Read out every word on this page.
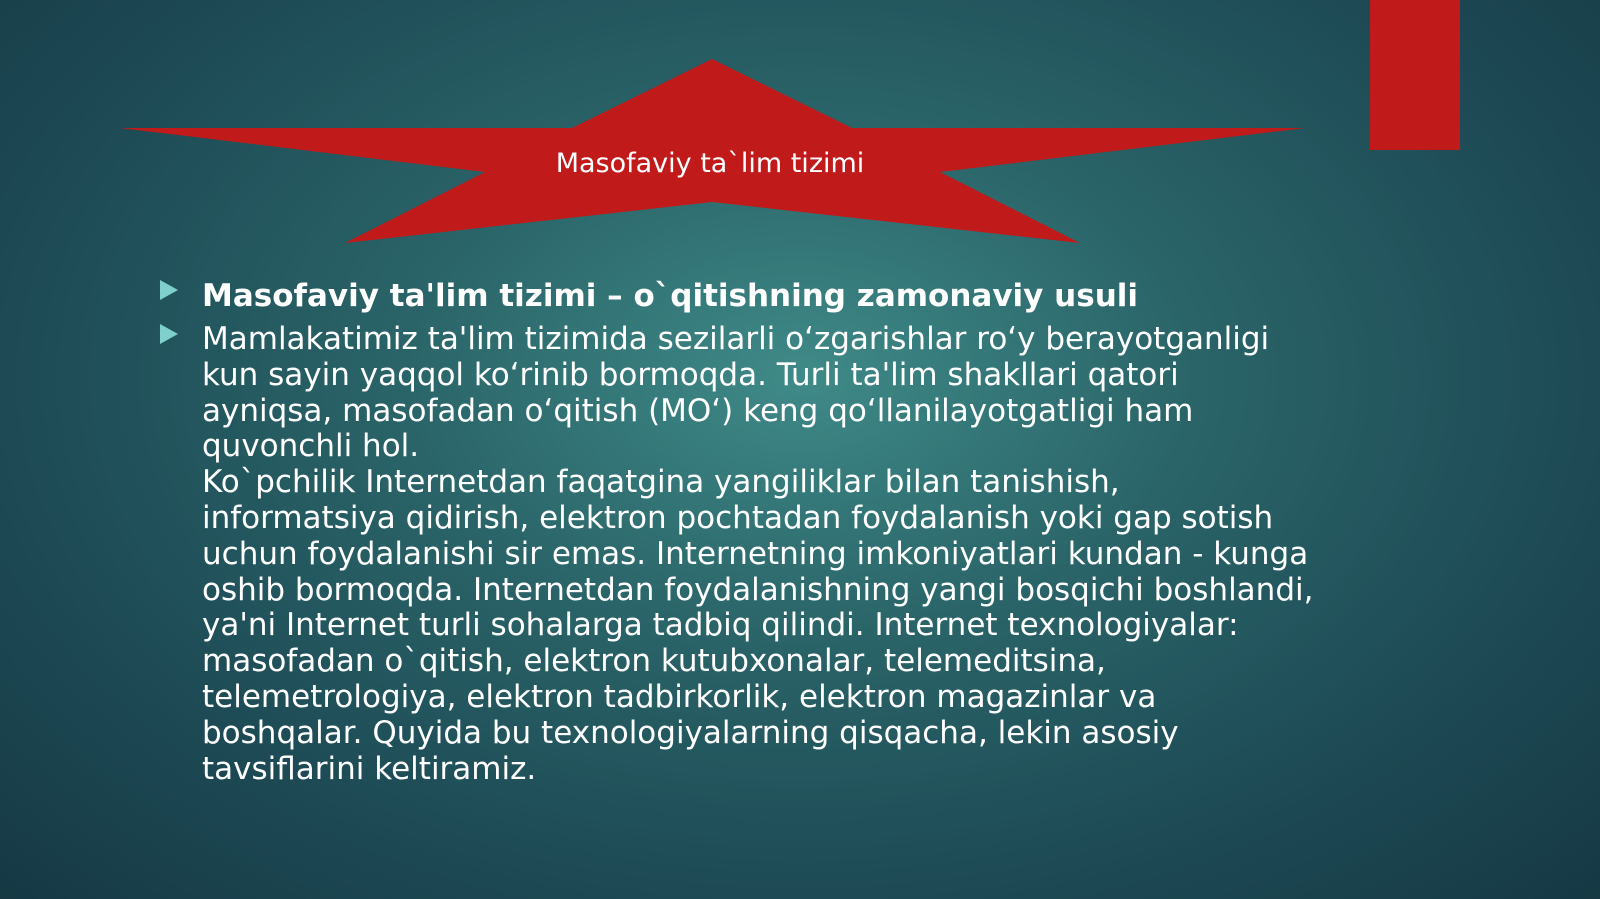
Masofaviy ta`lim tizimi
Masofaviy ta'lim tizimi – o`qitishning zamonaviy usuli
Mamlakatimiz ta'lim tizimida sezilarli o‘zgarishlar ro‘y berayotganligi kun sayin yaqqol ko‘rinib bormoqda. Turli ta'lim shakllari qatori ayniqsa, masofadan o‘qitish (MO‘) keng qo‘llanilayotgatligi ham quvonchli hol.
Ko`pchilik Internetdan faqatgina yangiliklar bilan tanishish, informatsiya qidirish, elektron pochtadan foydalanish yoki gap sotish uchun foydalanishi sir emas. Internetning imkoniyatlari kundan - kunga oshib bormoqda. Internetdan foydalanishning yangi bosqichi boshlandi, ya'ni Internet turli sohalarga tadbiq qilindi. Internet texnologiyalar: masofadan o`qitish, elektron kutubxonalar, telemeditsina, telemetrologiya, elektron tadbirkorlik, elektron magazinlar va boshqalar. Quyida bu texnologiyalarning qisqacha, lekin asosiy tavsiflarini keltiramiz.
